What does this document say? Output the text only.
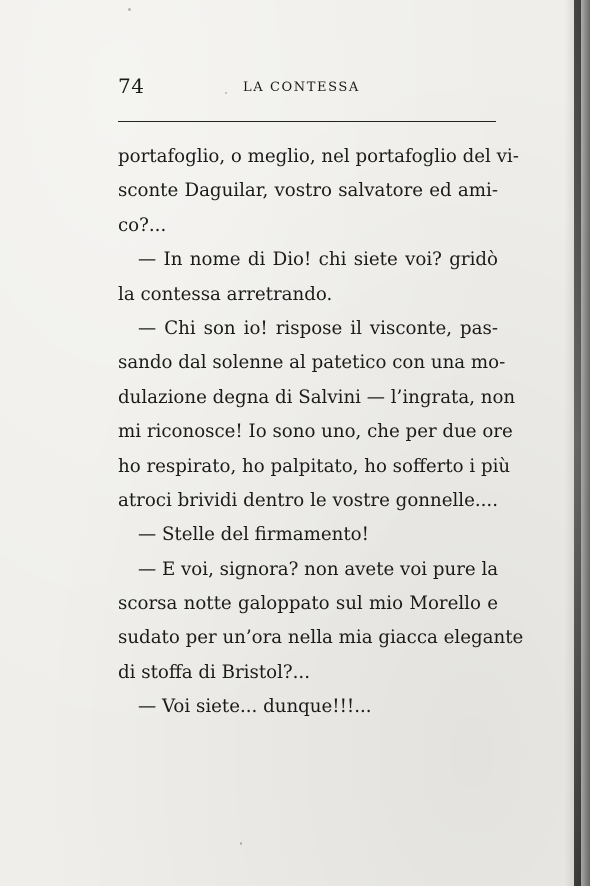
74	LA CONTESSA
portafoglio, o meglio, nel portafoglio del vi-
sconte Daguilar, vostro salvatore ed ami-
co?...
— In nome di Dio! chi siete voi? gridò
la contessa arretrando.
— Chi son io! rispose il visconte, pas-
sando dal solenne al patetico con una mo-
dulazione degna di Salvini — l’ingrata, non
mi riconosce! Io sono uno, che per due ore
ho respirato, ho palpitato, ho sofferto i più
atroci brividi dentro le vostre gonnelle....
— Stelle del firmamento!
— E voi, signora? non avete voi pure la
scorsa notte galoppato sul mio Morello e
sudato per un’ora nella mia giacca elegante
di stoffa di Bristol?...
— Voi siete... dunque!!!...
